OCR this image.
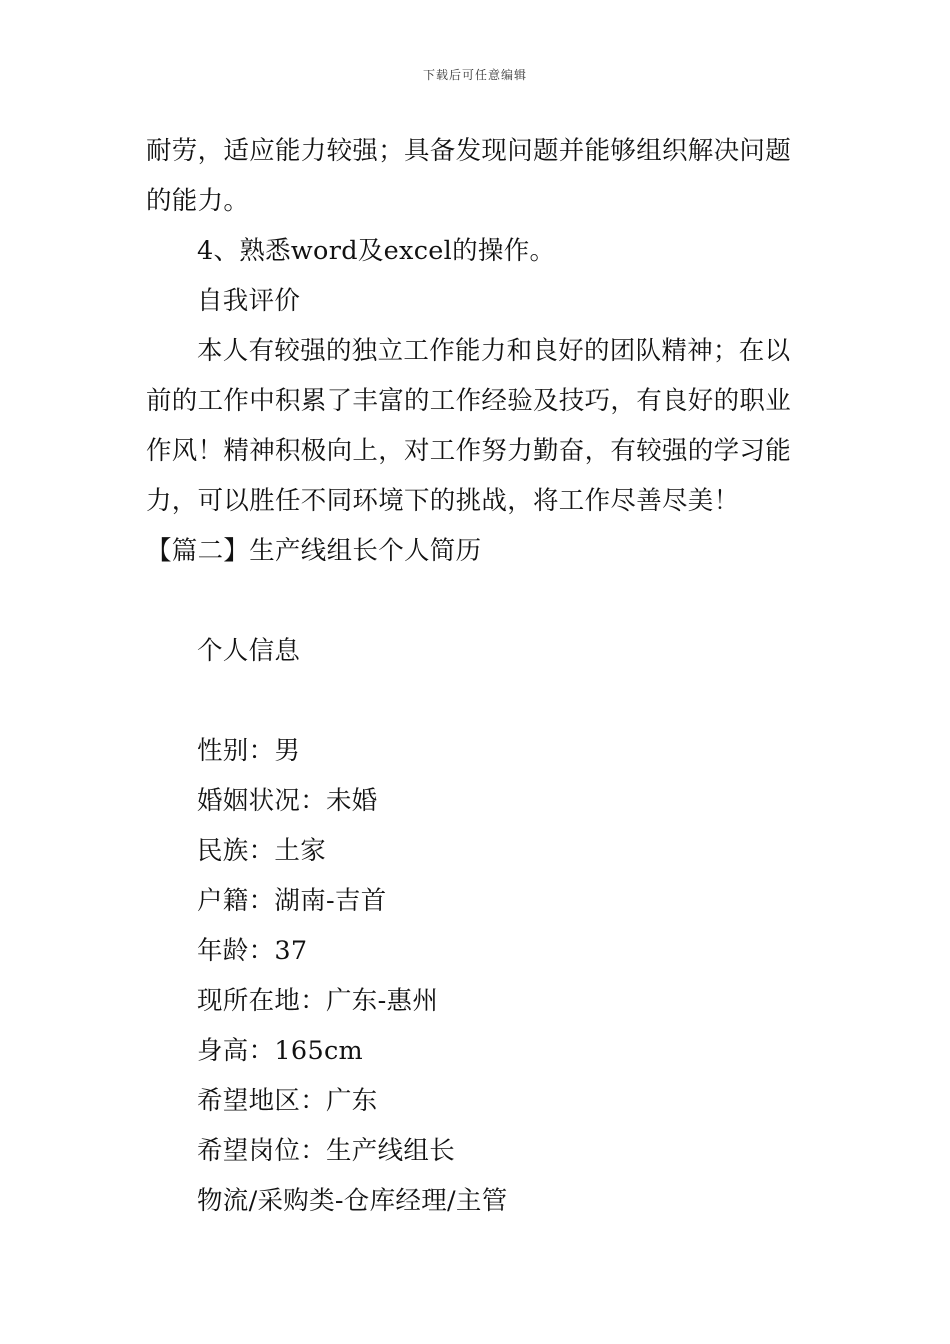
下载后可任意编辑
耐劳，适应能力较强；具备发现问题并能够组织解决问题
的能力。
4、熟悉word及excel的操作。
自我评价
本人有较强的独立工作能力和良好的团队精神；在以
前的工作中积累了丰富的工作经验及技巧，有良好的职业
作风！精神积极向上，对工作努力勤奋，有较强的学习能
力，可以胜任不同环境下的挑战，将工作尽善尽美！
【篇二】生产线组长个人简历
个人信息
性别：男
婚姻状况：未婚
民族：土家
户籍：湖南-吉首
年龄：37
现所在地：广东-惠州
身高：165cm
希望地区：广东
希望岗位：生产线组长
物流/采购类-仓库经理/主管
